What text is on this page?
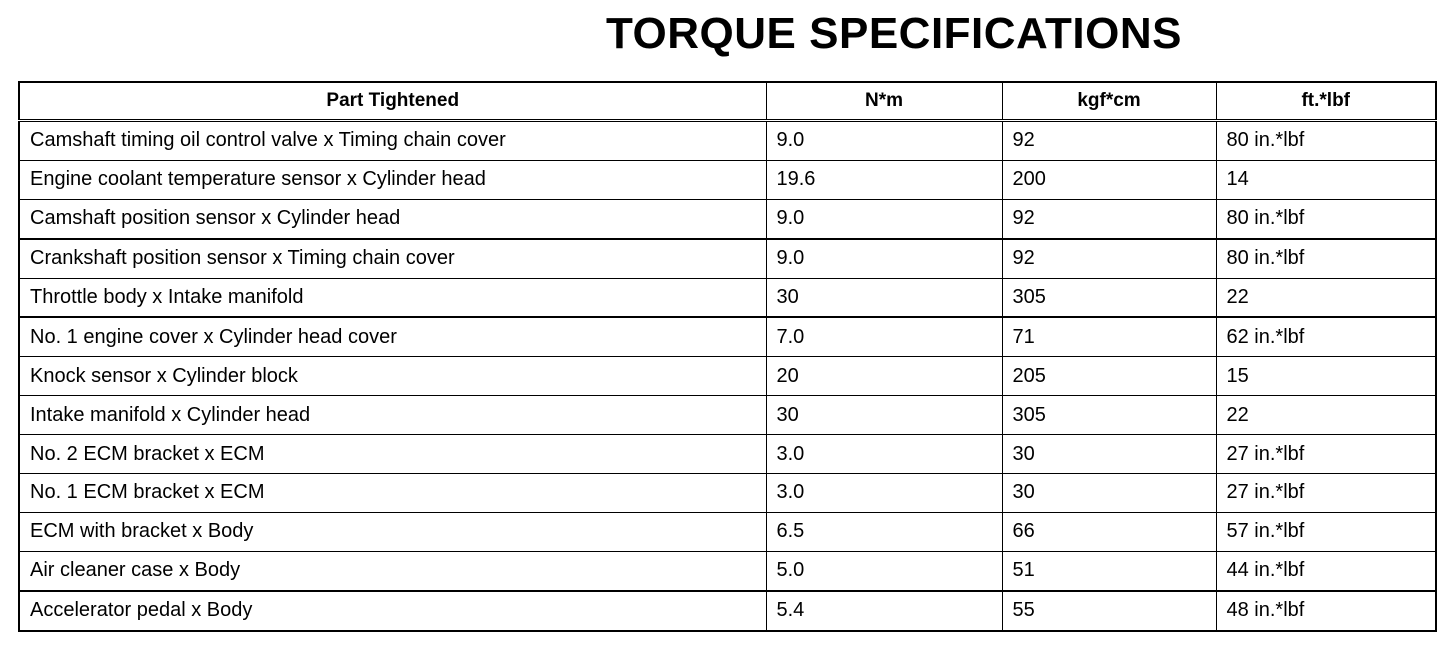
TORQUE SPECIFICATIONS
Part Tightened	N*m	kgf*cm	ft.*lbf
Camshaft timing oil control valve x Timing chain cover	9.0	92	80 in.*lbf
Engine coolant temperature sensor x Cylinder head	19.6	200	14
Camshaft position sensor x Cylinder head	9.0	92	80 in.*lbf
Crankshaft position sensor x Timing chain cover	9.0	92	80 in.*lbf
Throttle body x Intake manifold	30	305	22
No. 1 engine cover x Cylinder head cover	7.0	71	62 in.*lbf
Knock sensor x Cylinder block	20	205	15
Intake manifold x Cylinder head	30	305	22
No. 2 ECM bracket x ECM	3.0	30	27 in.*lbf
No. 1 ECM bracket x ECM	3.0	30	27 in.*lbf
ECM with bracket x Body	6.5	66	57 in.*lbf
Air cleaner case x Body	5.0	51	44 in.*lbf
Accelerator pedal x Body	5.4	55	48 in.*lbf
